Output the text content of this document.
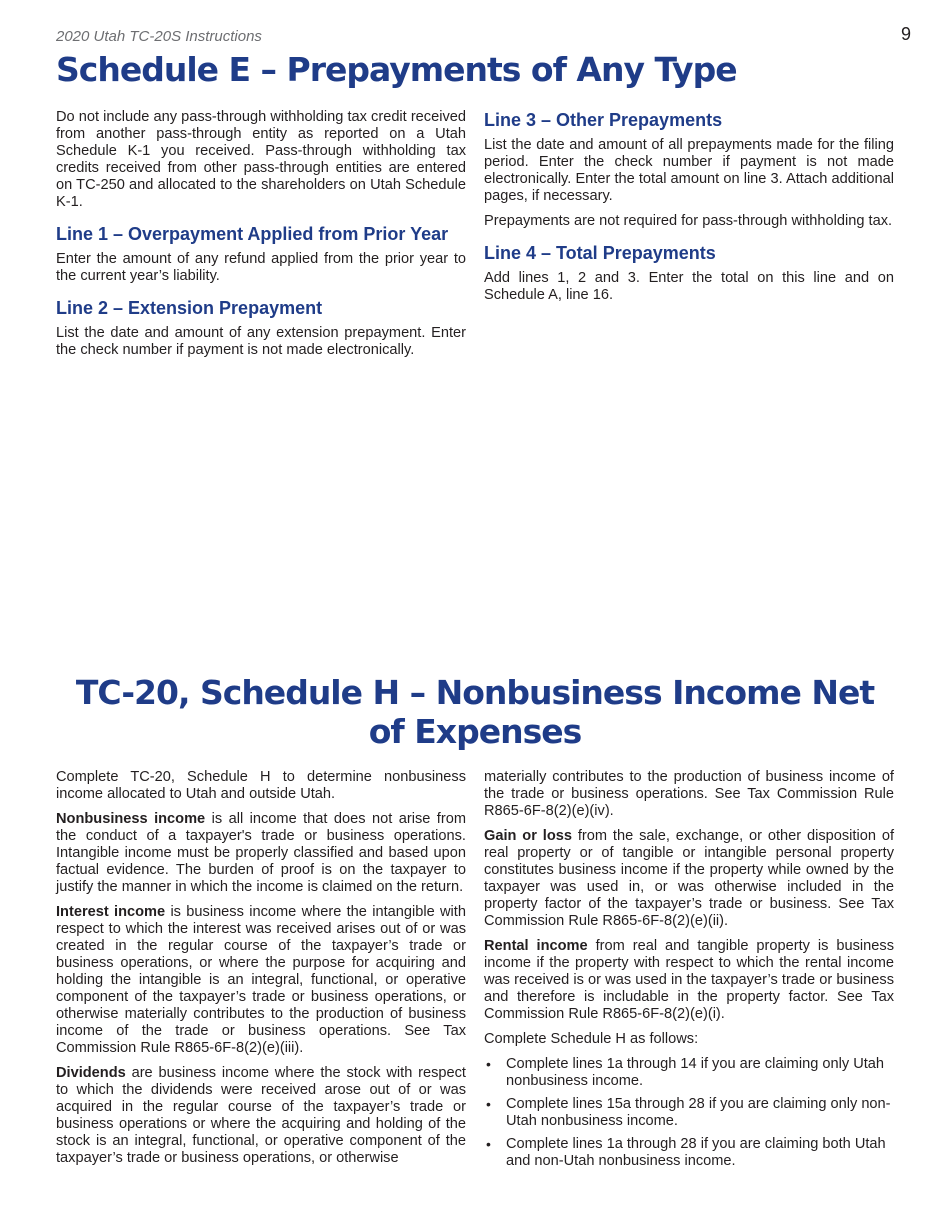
2020 Utah TC-20S Instructions	9
Schedule E – Prepayments of Any Type

Do not include any pass-through withholding tax credit received from another pass-through entity as reported on a Utah Schedule K-1 you received. Pass-through withholding tax credits received from other pass-through entities are entered on TC-250 and allocated to the shareholders on Utah Schedule K-1.

Line 1 – Overpayment Applied from Prior Year

Enter the amount of any refund applied from the prior year to the current year’s liability.

Line 2 – Extension Prepayment

List the date and amount of any extension prepayment. Enter the check number if payment is not made electronically.

Line 3 – Other Prepayments

List the date and amount of all prepayments made for the filing period. Enter the check number if payment is not made electronically. Enter the total amount on line 3. Attach additional pages, if necessary.

Prepayments are not required for pass-through withholding tax.

Line 4 – Total Prepayments

Add lines 1, 2 and 3. Enter the total on this line and on Schedule A, line 16.

TC-20, Schedule H – Nonbusiness Income Net of Expenses

Complete TC-20, Schedule H to determine nonbusiness income allocated to Utah and outside Utah.

Nonbusiness income is all income that does not arise from the conduct of a taxpayer's trade or business operations. Intangible income must be properly classified and based upon factual evidence. The burden of proof is on the taxpayer to justify the manner in which the income is claimed on the return.

Interest income is business income where the intangible with respect to which the interest was received arises out of or was created in the regular course of the taxpayer’s trade or business operations, or where the purpose for acquiring and holding the intangible is an integral, functional, or operative component of the taxpayer’s trade or business operations, or otherwise materially contributes to the production of business income of the trade or business operations. See Tax Commission Rule R865-6F-8(2)(e)(iii).

Dividends are business income where the stock with respect to which the dividends were received arose out of or was acquired in the regular course of the taxpayer’s trade or business operations or where the acquiring and holding of the stock is an integral, functional, or operative component of the taxpayer’s trade or business operations, or otherwise

materially contributes to the production of business income of the trade or business operations. See Tax Commission Rule R865-6F-8(2)(e)(iv).

Gain or loss from the sale, exchange, or other disposition of real property or of tangible or intangible personal property constitutes business income if the property while owned by the taxpayer was used in, or was otherwise included in the property factor of the taxpayer’s trade or business. See Tax Commission Rule R865-6F-8(2)(e)(ii).

Rental income from real and tangible property is business income if the property with respect to which the rental income was received is or was used in the taxpayer’s trade or business and therefore is includable in the property factor. See Tax Commission Rule R865-6F-8(2)(e)(i).

Complete Schedule H as follows:

• Complete lines 1a through 14 if you are claiming only Utah nonbusiness income.
• Complete lines 15a through 28 if you are claiming only non-Utah nonbusiness income.
• Complete lines 1a through 28 if you are claiming both Utah and non-Utah nonbusiness income.
